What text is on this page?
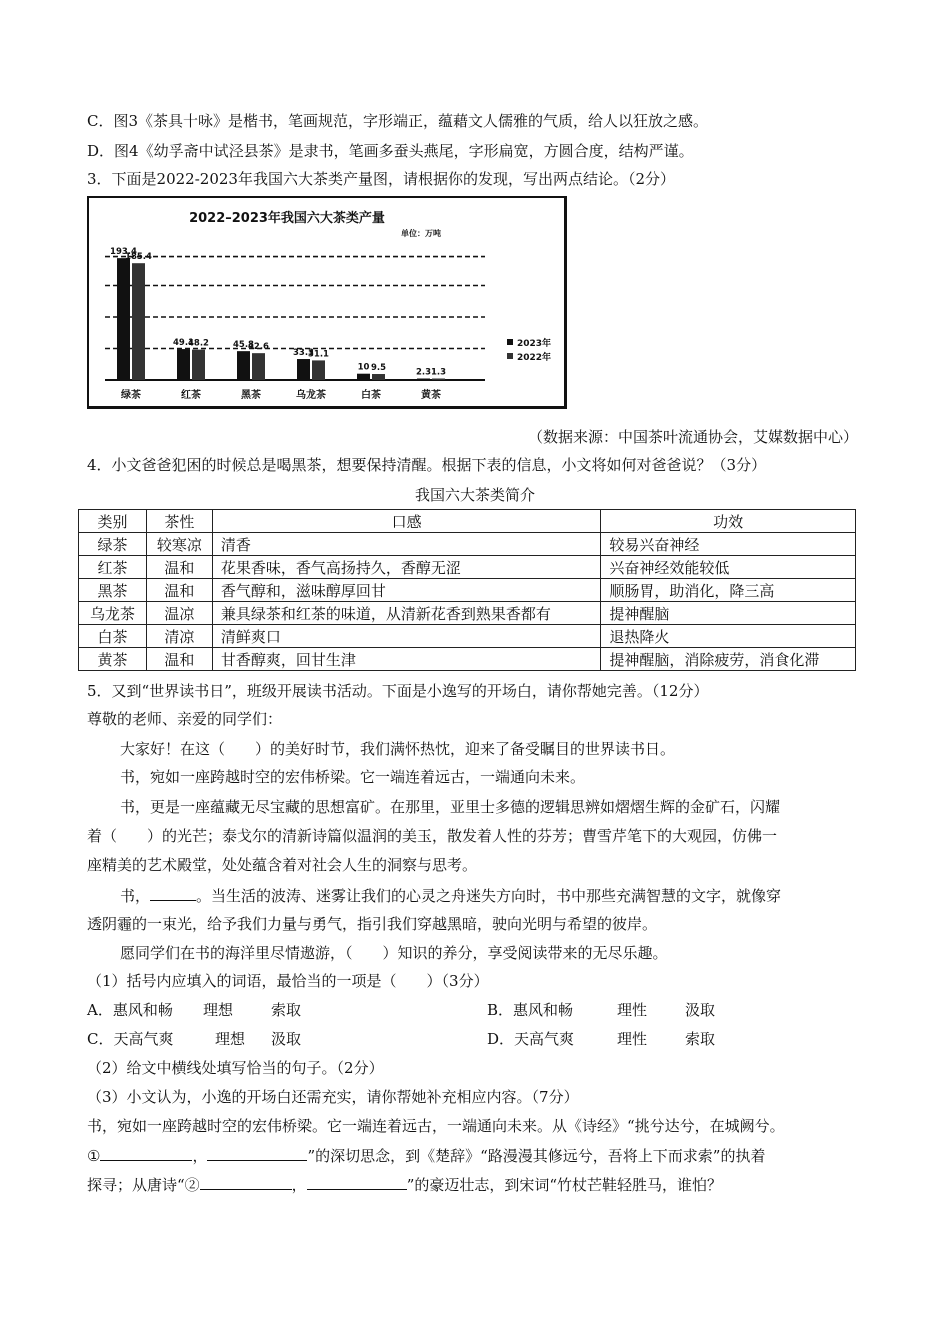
C．图3《茶具十咏》是楷书，笔画规范，字形端正，蕴藉文人儒雅的气质，给人以狂放之感。
D．图4《幼孚斋中试泾县茶》是隶书，笔画多蚕头燕尾，字形扁宽，方圆合度，结构严谨。
3．下面是2022-2023年我国六大茶类产量图，请根据你的发现，写出两点结论。（2分）
2022–2023年我国六大茶类产量
单位：万吨
193.4
185.4
绿茶
49.1
48.2
红茶
45.8
42.6
黑茶
33.3
31.1
乌龙茶
10 9.5
白茶
2.3 1.3
黄茶
2023年
2022年
（数据来源：中国茶叶流通协会，艾媒数据中心）
4．小文爸爸犯困的时候总是喝黑茶，想要保持清醒。根据下表的信息，小文将如何对爸爸说？（3分）
我国六大茶类简介
类别	茶性	口感	功效
绿茶	较寒凉	清香	较易兴奋神经
红茶	温和	花果香味，香气高扬持久，香醇无涩	兴奋神经效能较低
黑茶	温和	香气醇和，滋味醇厚回甘	顺肠胃，助消化，降三高
乌龙茶	温凉	兼具绿茶和红茶的味道，从清新花香到熟果香都有	提神醒脑
白茶	清凉	清鲜爽口	退热降火
黄茶	温和	甘香醇爽，回甘生津	提神醒脑，消除疲劳，消食化滞
5．又到“世界读书日”，班级开展读书活动。下面是小逸写的开场白，请你帮她完善。（12分）
尊敬的老师、亲爱的同学们：
大家好！在这（　　）的美好时节，我们满怀热忱，迎来了备受瞩目的世界读书日。
书，宛如一座跨越时空的宏伟桥梁。它一端连着远古，一端通向未来。
书，更是一座蕴藏无尽宝藏的思想富矿。在那里，亚里士多德的逻辑思辨如熠熠生辉的金矿石，闪耀
着（　　）的光芒；泰戈尔的清新诗篇似温润的美玉，散发着人性的芬芳；曹雪芹笔下的大观园，仿佛一
座精美的艺术殿堂，处处蕴含着对社会人生的洞察与思考。
书，	。当生活的波涛、迷雾让我们的心灵之舟迷失方向时，书中那些充满智慧的文字，就像穿
透阴霾的一束光，给予我们力量与勇气，指引我们穿越黑暗，驶向光明与希望的彼岸。
愿同学们在书的海洋里尽情遨游，（　　）知识的养分，享受阅读带来的无尽乐趣。
（1）括号内应填入的词语，最恰当的一项是（　　）（3分）
A．惠风和畅 理想	索取	B．惠风和畅	理性	汲取
C．天高气爽	理想 汲取	D．天高气爽	理性	索取
（2）给文中横线处填写恰当的句子。（2分）
（3）小文认为，小逸的开场白还需充实，请你帮她补充相应内容。（7分）
书，宛如一座跨越时空的宏伟桥梁。它一端连着远古，一端通向未来。从《诗经》“挑兮达兮，在城阙兮。
①	，	”的深切思念，到《楚辞》“路漫漫其修远兮，吾将上下而求索”的执着
探寻；从唐诗“②	，	”的豪迈壮志，到宋词“竹杖芒鞋轻胜马，谁怕？
